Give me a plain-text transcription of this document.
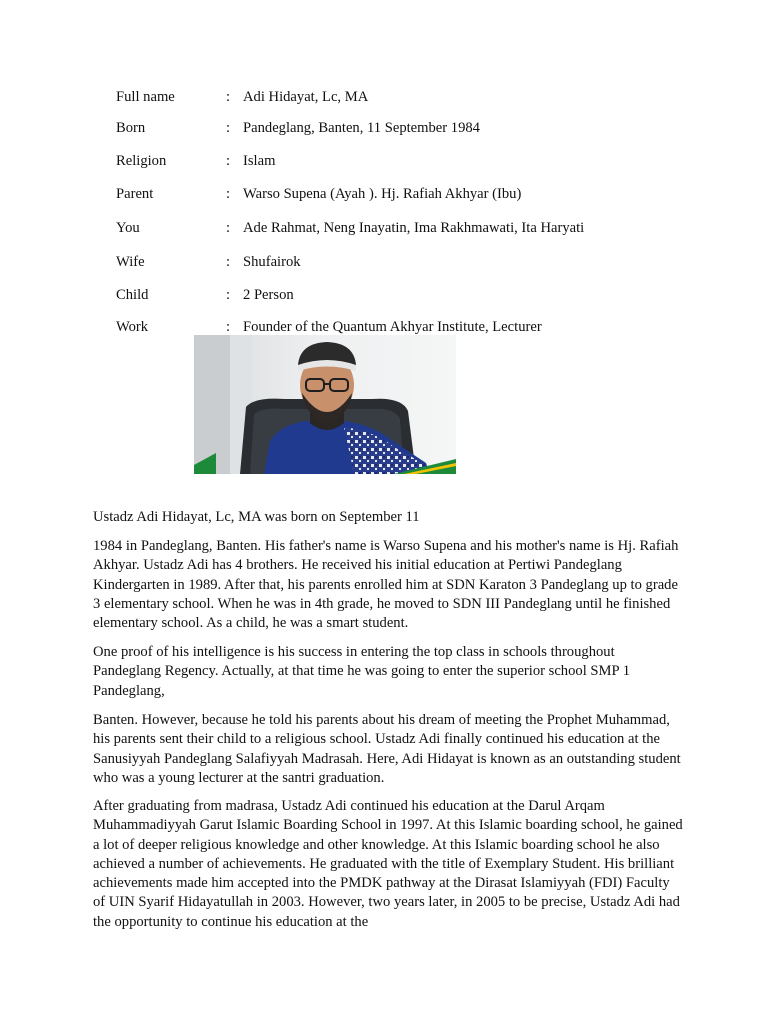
Full name	: Adi Hidayat, Lc, MA
Born	: Pandeglang, Banten, 11 September 1984
Religion	: Islam
Parent	: Warso Supena (Ayah ). Hj. Rafiah Akhyar (Ibu)
You	: Ade Rahmat, Neng Inayatin, Ima Rakhmawati, Ita Haryati
Wife	: Shufairok
Child	: 2 Person
Work	: Founder of the Quantum Akhyar Institute, Lecturer

Ustadz Adi Hidayat, Lc, MA was born on September 11

1984 in Pandeglang, Banten. His father's name is Warso Supena and his mother's name is Hj. Rafiah Akhyar. Ustadz Adi has 4 brothers. He received his initial education at Pertiwi Pandeglang Kindergarten in 1989. After that, his parents enrolled him at SDN Karaton 3 Pandeglang up to grade 3 elementary school. When he was in 4th grade, he moved to SDN III Pandeglang until he finished elementary school. As a child, he was a smart student.

One proof of his intelligence is his success in entering the top class in schools throughout Pandeglang Regency. Actually, at that time he was going to enter the superior school SMP 1 Pandeglang,

Banten. However, because he told his parents about his dream of meeting the Prophet Muhammad, his parents sent their child to a religious school. Ustadz Adi finally continued his education at the Sanusiyyah Pandeglang Salafiyyah Madrasah. Here, Adi Hidayat is known as an outstanding student who was a young lecturer at the santri graduation.

After graduating from madrasa, Ustadz Adi continued his education at the Darul Arqam Muhammadiyyah Garut Islamic Boarding School in 1997. At this Islamic boarding school, he gained a lot of deeper religious knowledge and other knowledge. At this Islamic boarding school he also achieved a number of achievements. He graduated with the title of Exemplary Student. His brilliant achievements made him accepted into the PMDK pathway at the Dirasat Islamiyyah (FDI) Faculty of UIN Syarif Hidayatullah in 2003. However, two years later, in 2005 to be precise, Ustadz Adi had the opportunity to continue his education at the
